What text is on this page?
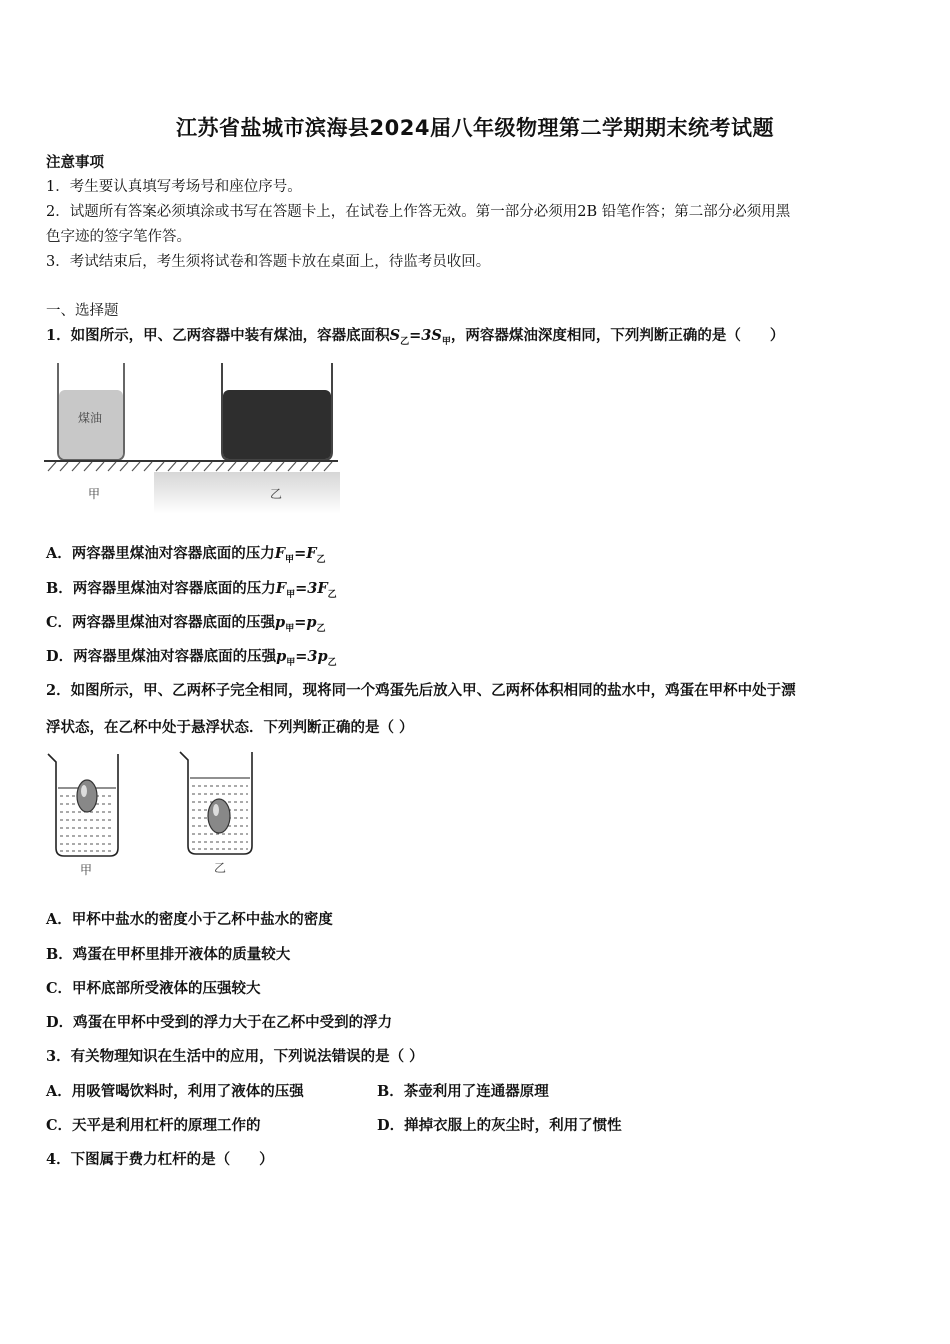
江苏省盐城市滨海县2024届八年级物理第二学期期末统考试题
注意事项
1．考生要认真填写考场号和座位序号。
2．试题所有答案必须填涂或书写在答题卡上，在试卷上作答无效。第一部分必须用2B 铅笔作答；第二部分必须用黑
色字迹的签字笔作答。
3．考试结束后，考生须将试卷和答题卡放在桌面上，待监考员收回。
一、选择题
1．如图所示，甲、乙两容器中装有煤油，容器底面积$S_乙=3S_甲$，两容器煤油深度相同，下列判断正确的是（　　）
煤油
甲	乙
A．两容器里煤油对容器底面的压力$F_甲=F_乙$
B．两容器里煤油对容器底面的压力$F_甲=3F_乙$
C．两容器里煤油对容器底面的压强$p_甲=p_乙$
D．两容器里煤油对容器底面的压强$p_甲=3p_乙$
2．如图所示，甲、乙两杯子完全相同，现将同一个鸡蛋先后放入甲、乙两杯体积相同的盐水中，鸡蛋在甲杯中处于漂
浮状态，在乙杯中处于悬浮状态．下列判断正确的是（ ）
甲	乙
A．甲杯中盐水的密度小于乙杯中盐水的密度
B．鸡蛋在甲杯里排开液体的质量较大
C．甲杯底部所受液体的压强较大
D．鸡蛋在甲杯中受到的浮力大于在乙杯中受到的浮力
3．有关物理知识在生活中的应用，下列说法错误的是（ ）
A．用吸管喝饮料时，利用了液体的压强	B．茶壶利用了连通器原理
C．天平是利用杠杆的原理工作的	D．掸掉衣服上的灰尘时，利用了惯性
4．下图属于费力杠杆的是（　　）
